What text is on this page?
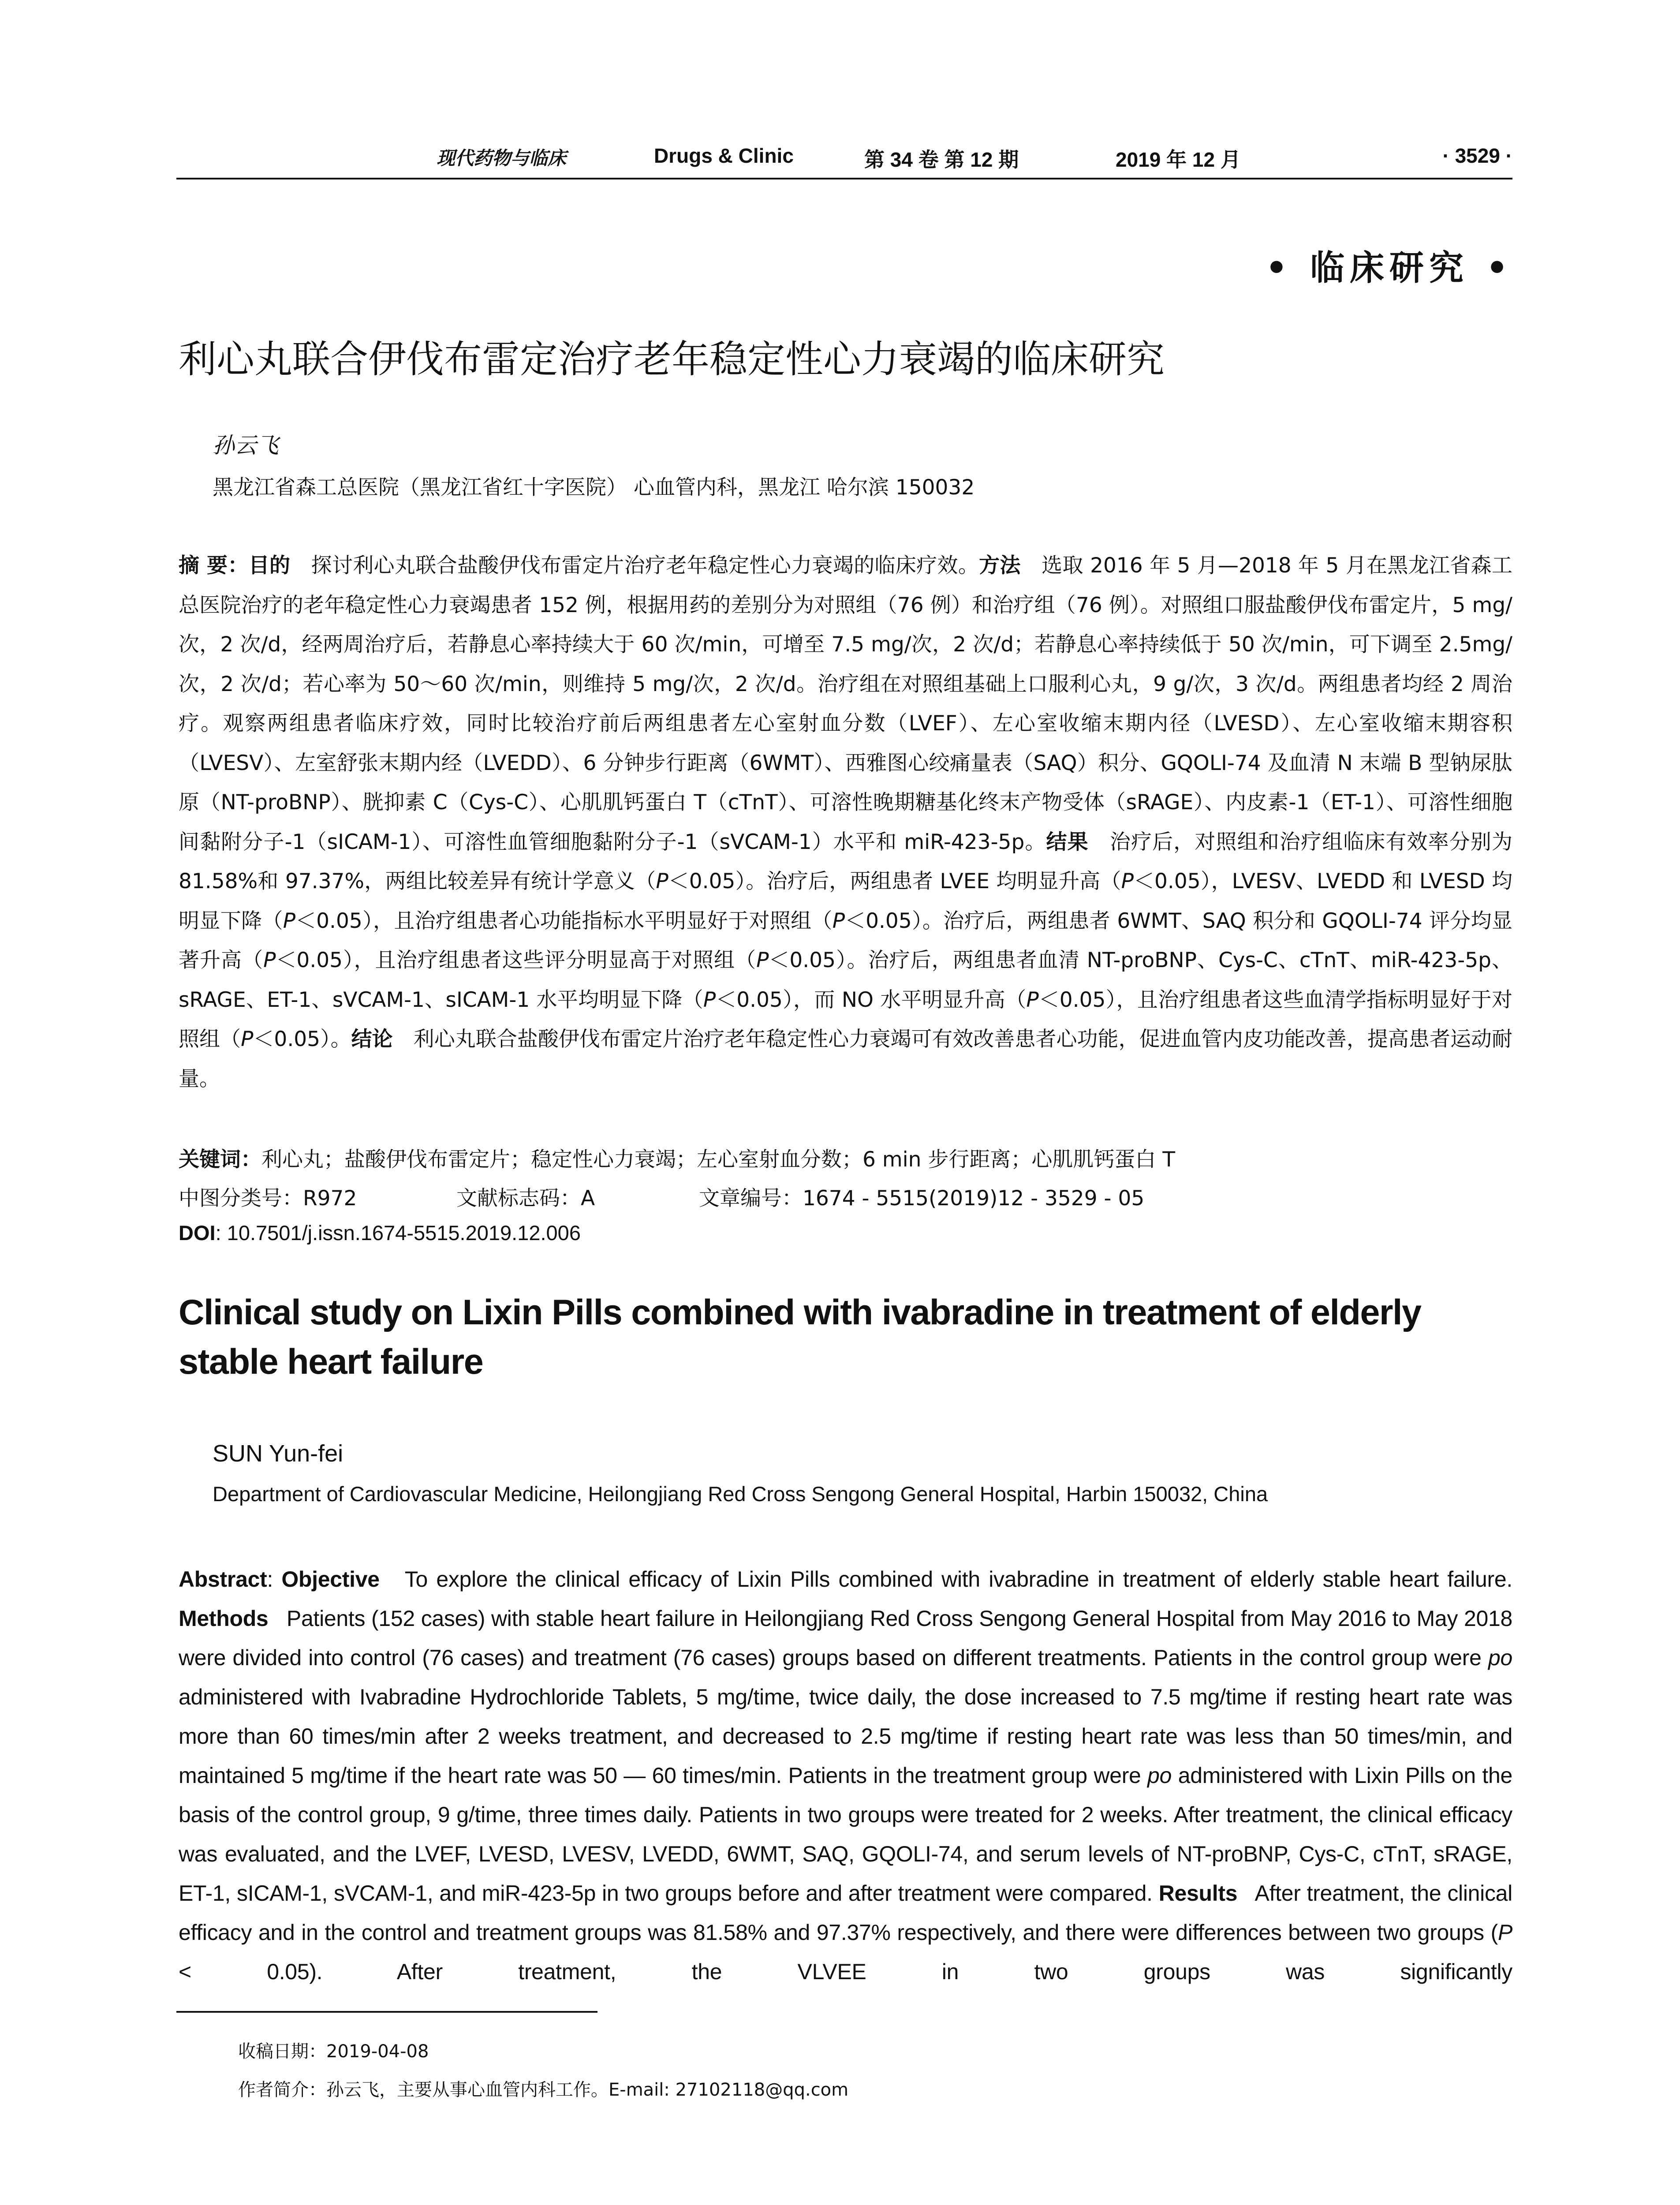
现代药物与临床	Drugs & Clinic	第 34 卷 第 12 期	2019 年 12 月	· 3529 ·
• 临床研究 •
利心丸联合伊伐布雷定治疗老年稳定性心力衰竭的临床研究
孙云飞
黑龙江省森工总医院（黑龙江省红十字医院） 心血管内科，黑龙江 哈尔滨 150032
摘 要：目的　 探讨利心丸联合盐酸伊伐布雷定片治疗老年稳定性心力衰竭的临床疗效。方法　 选取 2016 年 5 月—2018 年 5 月在黑龙江省森工总医院治疗的老年稳定性心力衰竭患者 152 例，根据用药的差别分为对照组（76 例）和治疗组（76 例）。对照组口服盐酸伊伐布雷定片，5 mg/次，2 次/d，经两周治疗后，若静息心率持续大于 60 次/min，可增至 7.5 mg/次，2 次/d；若静息心率持续低于 50 次/min，可下调至 2.5mg/次，2 次/d；若心率为 50～60 次/min，则维持 5 mg/次，2 次/d。治疗组在对照组基础上口服利心丸，9 g/次，3 次/d。两组患者均经 2 周治疗。观察两组患者临床疗效，同时比较治疗前后两组患者左心室射血分数（LVEF）、左心室收缩末期内径（LVESD）、左心室收缩末期容积（LVESV）、左室舒张末期内经（LVEDD）、6 分钟步行距离（6WMT）、西雅图心绞痛量表（SAQ）积分、GQOLI-74 及血清 N 末端 B 型钠尿肽原（NT-proBNP）、胱抑素 C（Cys-C）、心肌肌钙蛋白 T（cTnT）、可溶性晚期糖基化终末产物受体（sRAGE）、内皮素-1（ET-1）、可溶性细胞间黏附分子-1（sICAM-1）、可溶性血管细胞黏附分子-1（sVCAM-1）水平和 miR-423-5p。结果　 治疗后，对照组和治疗组临床有效率分别为 81.58%和 97.37%，两组比较差异有统计学意义（P＜0.05）。治疗后，两组患者 LVEE 均明显升高（P＜0.05），LVESV、LVEDD 和 LVESD 均明显下降（P＜0.05），且治疗组患者心功能指标水平明显好于对照组（P＜0.05）。治疗后，两组患者 6WMT、SAQ 积分和 GQOLI-74 评分均显著升高（P＜0.05），且治疗组患者这些评分明显高于对照组（P＜0.05）。治疗后，两组患者血清 NT-proBNP、Cys-C、cTnT、miR-423-5p、sRAGE、ET-1、sVCAM-1、sICAM-1 水平均明显下降（P＜0.05），而 NO 水平明显升高（P＜0.05），且治疗组患者这些血清学指标明显好于对照组（P＜0.05）。结论　 利心丸联合盐酸伊伐布雷定片治疗老年稳定性心力衰竭可有效改善患者心功能，促进血管内皮功能改善，提高患者运动耐量。
关键词：利心丸；盐酸伊伐布雷定片；稳定性心力衰竭；左心室射血分数；6 min 步行距离；心肌肌钙蛋白 T
中图分类号：R972	文献标志码：A	文章编号：1674 - 5515(2019)12 - 3529 - 05
DOI: 10.7501/j.issn.1674-5515.2019.12.006
Clinical study on Lixin Pills combined with ivabradine in treatment of elderly stable heart failure
SUN Yun-fei
Department of Cardiovascular Medicine, Heilongjiang Red Cross Sengong General Hospital, Harbin 150032, China
Abstract: Objective To explore the clinical efficacy of Lixin Pills combined with ivabradine in treatment of elderly stable heart failure. Methods Patients (152 cases) with stable heart failure in Heilongjiang Red Cross Sengong General Hospital from May 2016 to May 2018 were divided into control (76 cases) and treatment (76 cases) groups based on different treatments. Patients in the control group were po administered with Ivabradine Hydrochloride Tablets, 5 mg/time, twice daily, the dose increased to 7.5 mg/time if resting heart rate was more than 60 times/min after 2 weeks treatment, and decreased to 2.5 mg/time if resting heart rate was less than 50 times/min, and maintained 5 mg/time if the heart rate was 50 — 60 times/min. Patients in the treatment group were po administered with Lixin Pills on the basis of the control group, 9 g/time, three times daily. Patients in two groups were treated for 2 weeks. After treatment, the clinical efficacy was evaluated, and the LVEF, LVESD, LVESV, LVEDD, 6WMT, SAQ, GQOLI-74, and serum levels of NT-proBNP, Cys-C, cTnT, sRAGE, ET-1, sICAM-1, sVCAM-1, and miR-423-5p in two groups before and after treatment were compared. Results After treatment, the clinical efficacy and in the control and treatment groups was 81.58% and 97.37% respectively, and there were differences between two groups (P < 0.05). After treatment, the VLVEE in two groups was significantly
收稿日期：2019-04-08
作者简介：孙云飞，主要从事心血管内科工作。E-mail: 27102118@qq.com
